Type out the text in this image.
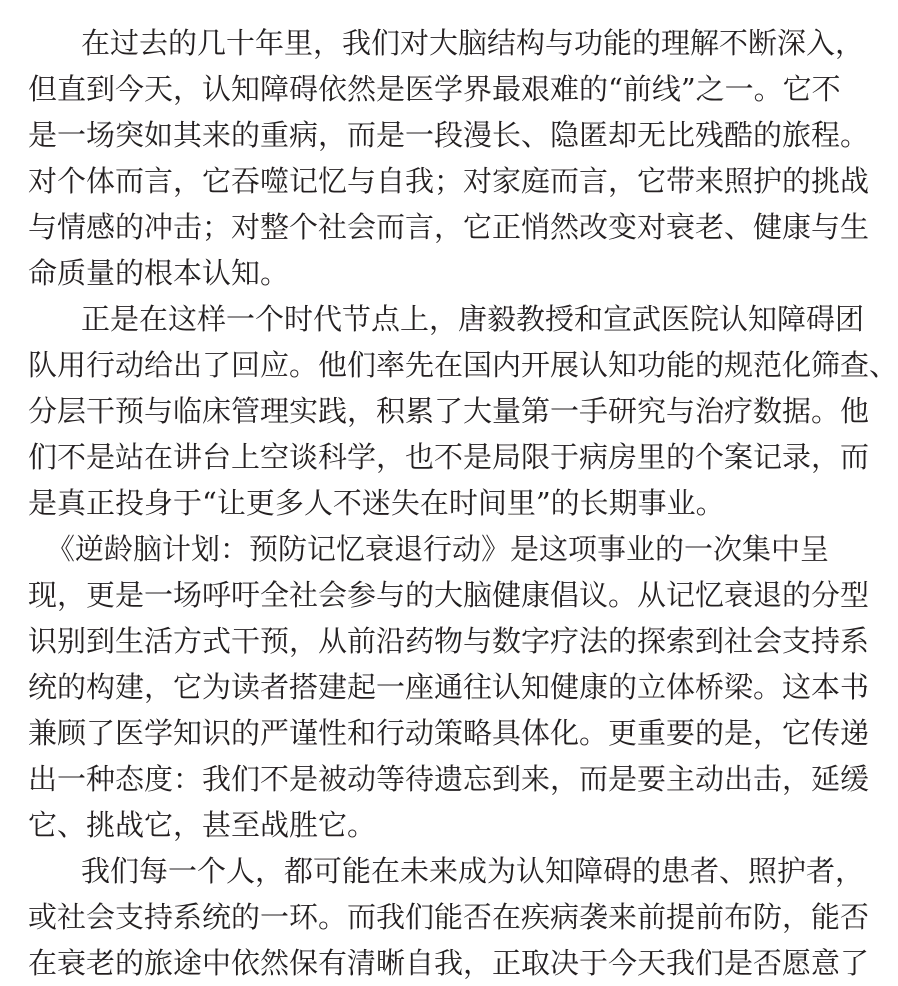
在过去的几十年里，我们对大脑结构与功能的理解不断深入，
但直到今天，认知障碍依然是医学界最艰难的“前线”之一。它不
是一场突如其来的重病，而是一段漫长、隐匿却无比残酷的旅程。
对个体而言，它吞噬记忆与自我；对家庭而言，它带来照护的挑战
与情感的冲击；对整个社会而言，它正悄然改变对衰老、健康与生
命质量的根本认知。
正是在这样一个时代节点上，唐毅教授和宣武医院认知障碍团
队用行动给出了回应。他们率先在国内开展认知功能的规范化筛查、
分层干预与临床管理实践，积累了大量第一手研究与治疗数据。他
们不是站在讲台上空谈科学，也不是局限于病房里的个案记录，而
是真正投身于“让更多人不迷失在时间里”的长期事业。
《逆龄脑计划：预防记忆衰退行动》是这项事业的一次集中呈
现，更是一场呼吁全社会参与的大脑健康倡议。从记忆衰退的分型
识别到生活方式干预，从前沿药物与数字疗法的探索到社会支持系
统的构建，它为读者搭建起一座通往认知健康的立体桥梁。这本书
兼顾了医学知识的严谨性和行动策略具体化。更重要的是，它传递
出一种态度：我们不是被动等待遗忘到来，而是要主动出击，延缓
它、挑战它，甚至战胜它。
我们每一个人，都可能在未来成为认知障碍的患者、照护者，
或社会支持系统的一环。而我们能否在疾病袭来前提前布防，能否
在衰老的旅途中依然保有清晰自我，正取决于今天我们是否愿意了
